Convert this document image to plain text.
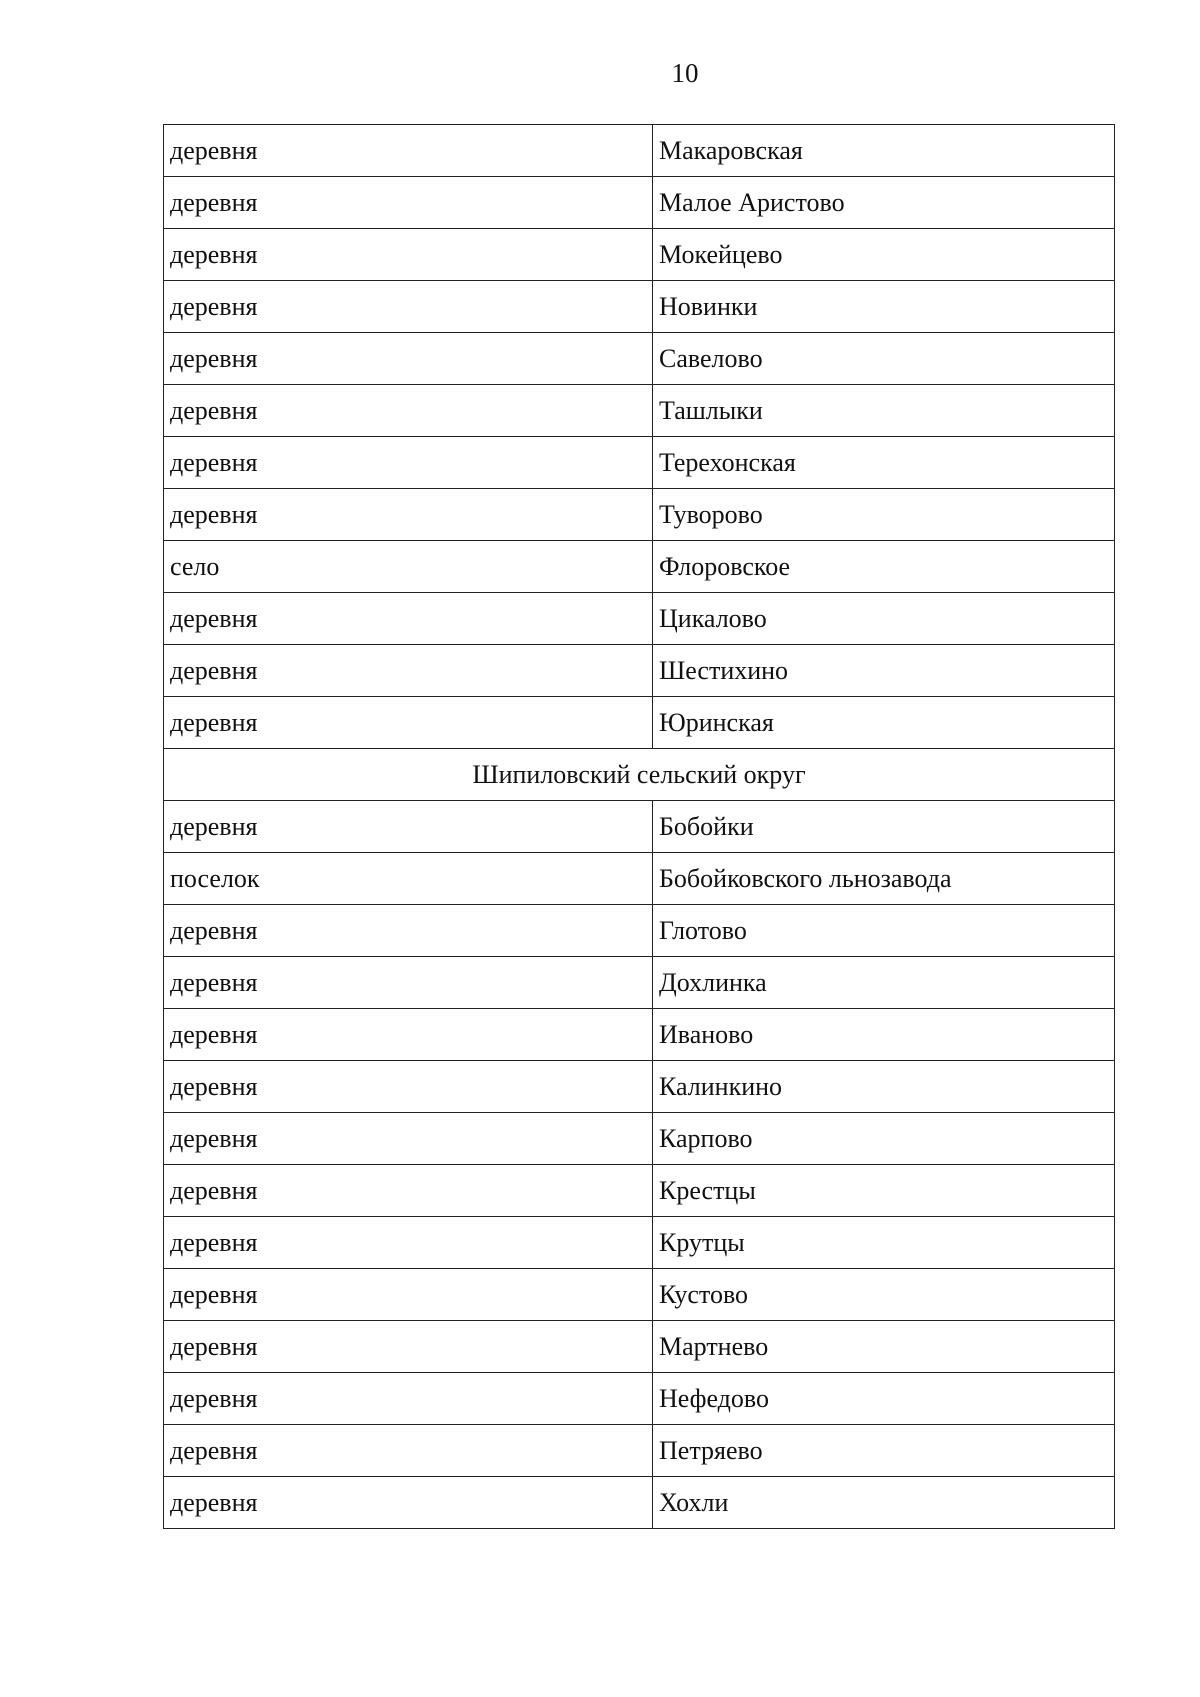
10
деревня	Макаровская
деревня	Малое Аристово
деревня	Мокейцево
деревня	Новинки
деревня	Савелово
деревня	Ташлыки
деревня	Терехонская
деревня	Туворово
село	Флоровское
деревня	Цикалово
деревня	Шестихино
деревня	Юринская
Шипиловский сельский округ	
деревня	Бобойки
поселок	Бобойковского льнозавода
деревня	Глотово
деревня	Дохлинка
деревня	Иваново
деревня	Калинкино
деревня	Карпово
деревня	Крестцы
деревня	Крутцы
деревня	Кустово
деревня	Мартнево
деревня	Нефедово
деревня	Петряево
деревня	Хохли
